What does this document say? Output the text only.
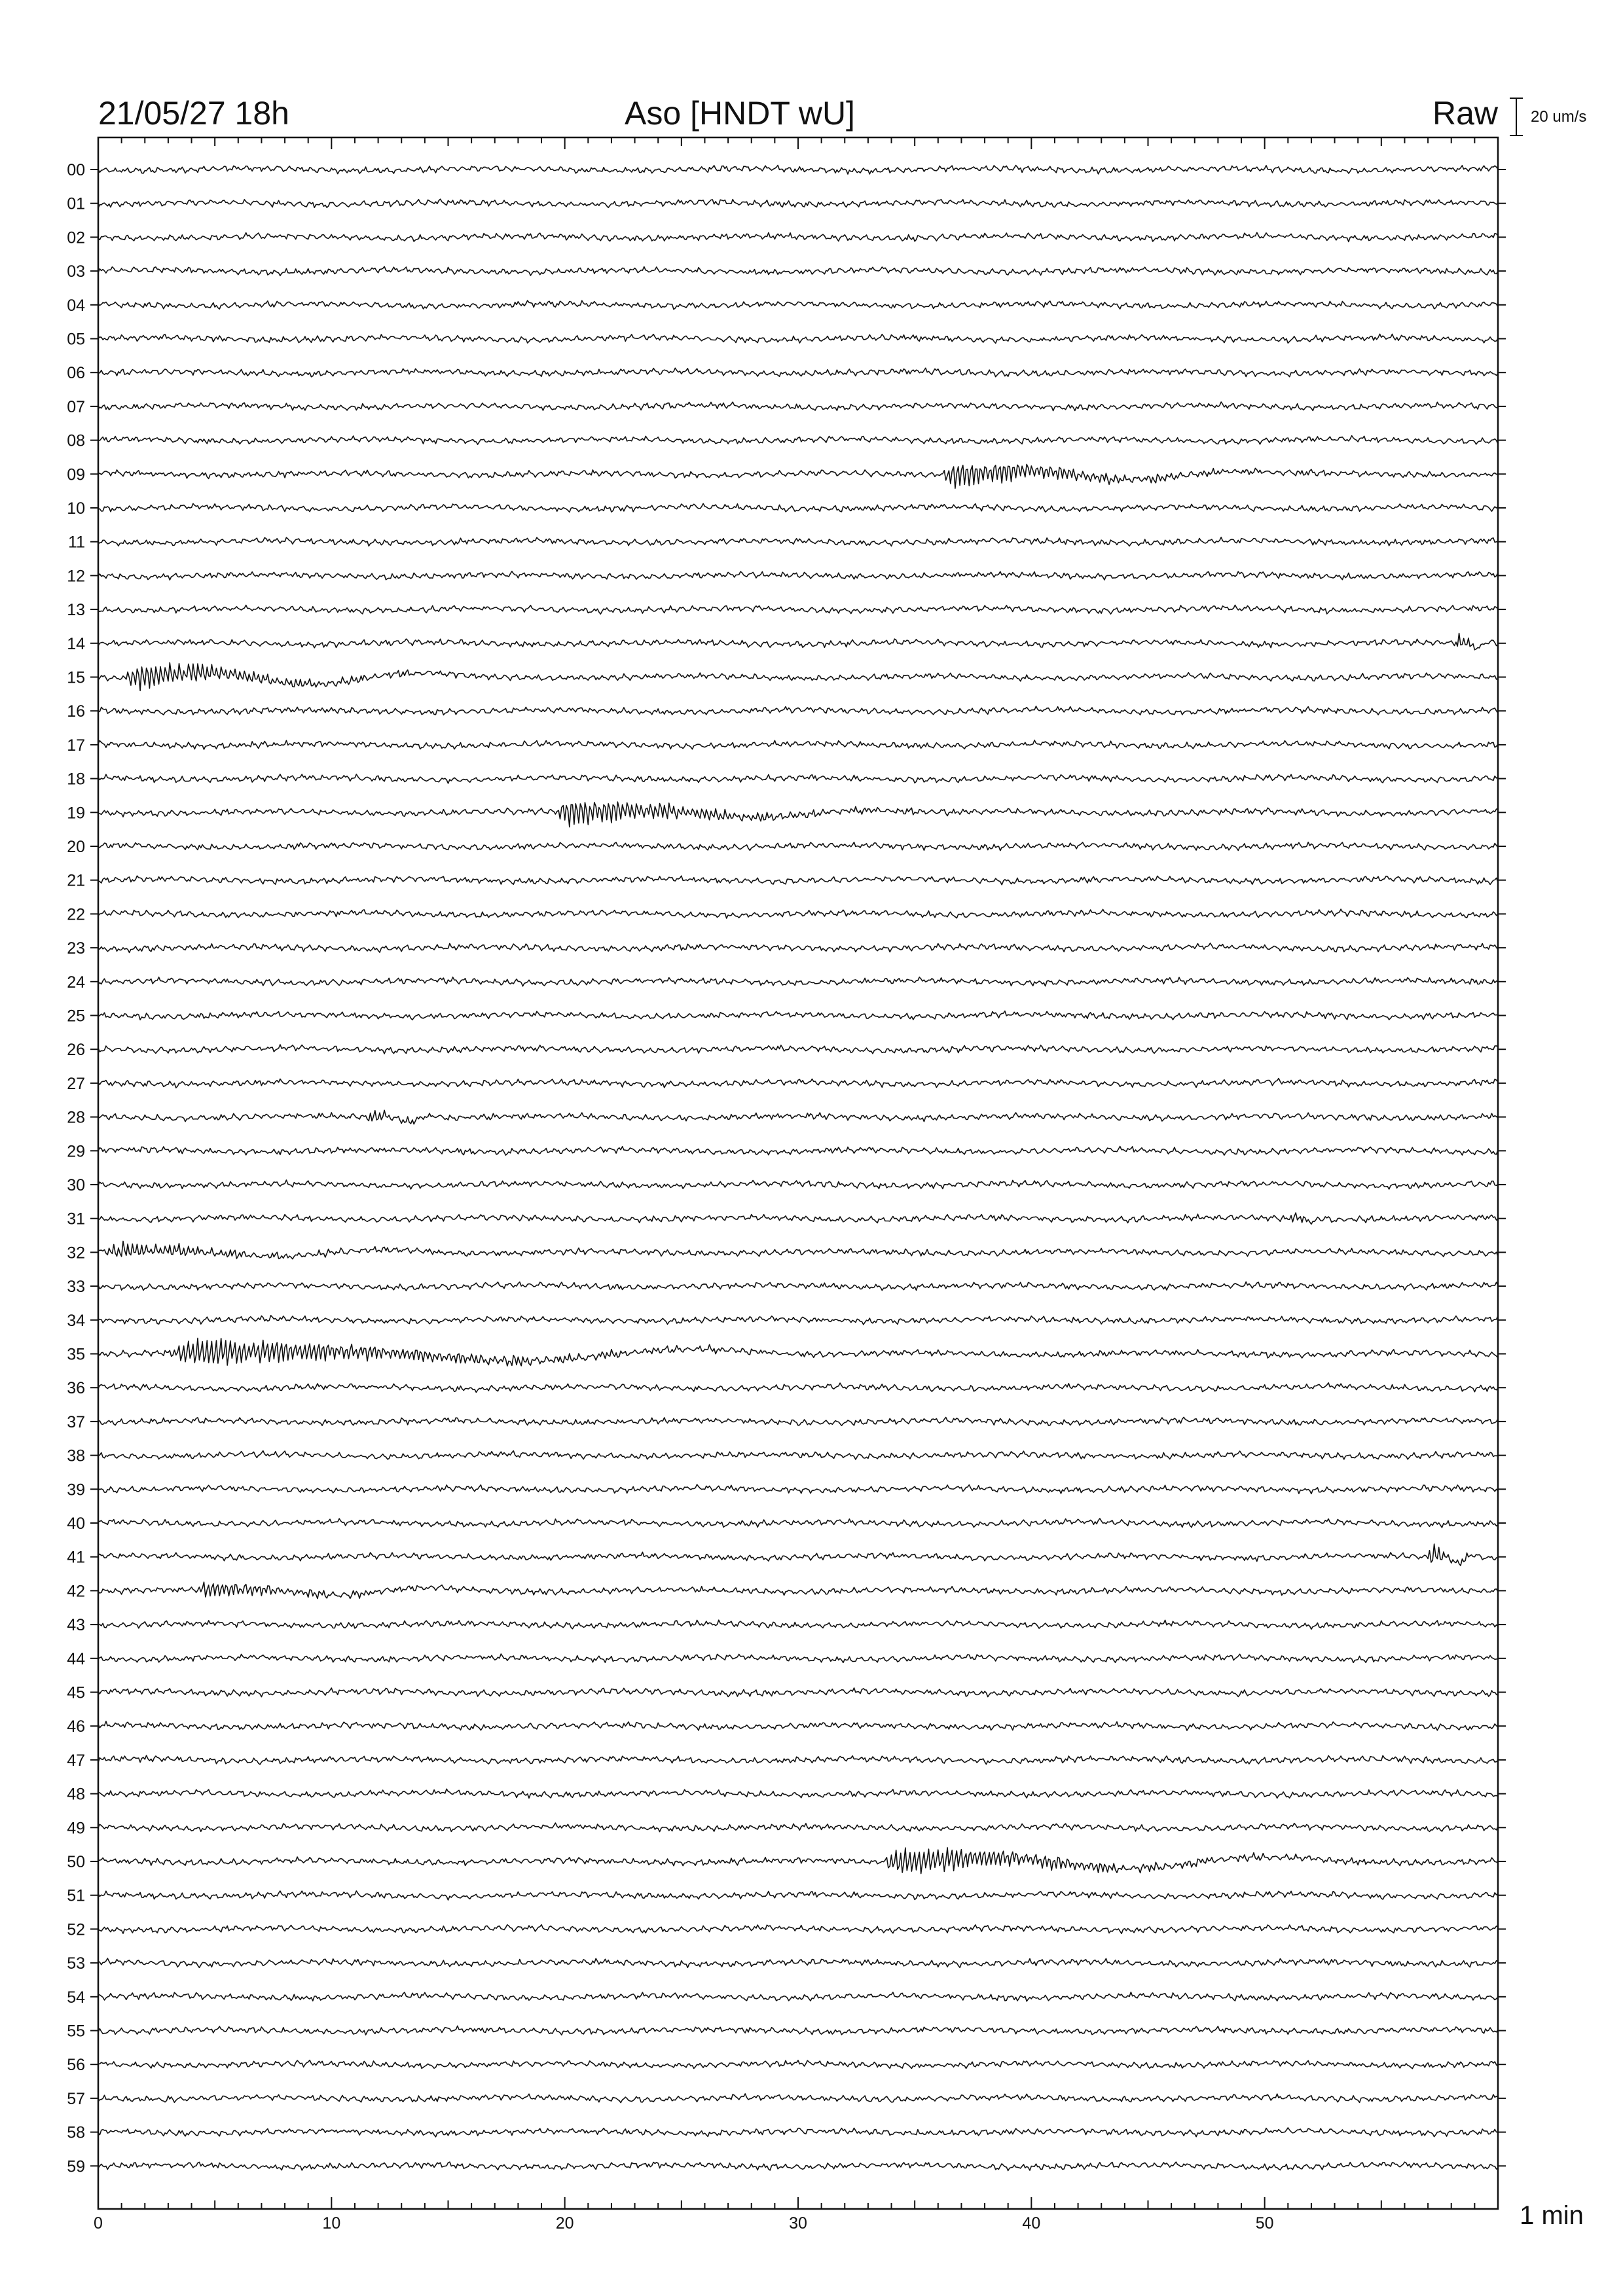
21/05/27 18h	Aso [HNDT wU]	Raw 20 um/s
00
01
02
03
04
05
06
07
08
09
10
11
12
13
14
15
16
17
18
19
20
21
22
23
24
25
26
27
28
29
30
31
32
33
34
35
36
37
38
39
40
41
42
43
44
45
46
47
48
49
50
51
52
53
54
55
56
57
58
59
0	10	20	30	40	50	1 min
